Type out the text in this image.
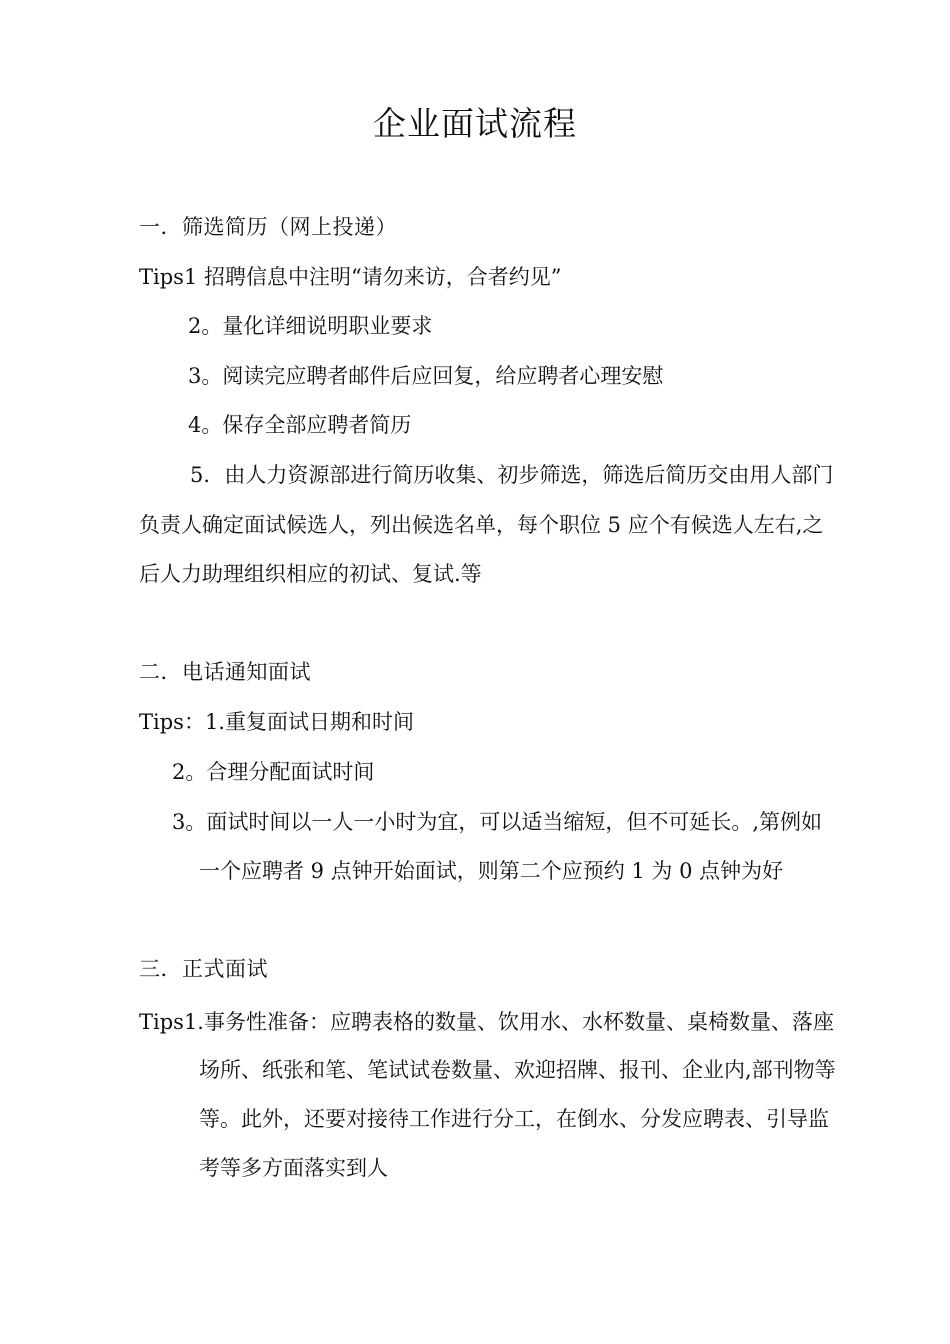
企业面试流程
一．筛选简历（网上投递）
Tips1 招聘信息中注明“请勿来访，合者约见”
2。量化详细说明职业要求
3。阅读完应聘者邮件后应回复，给应聘者心理安慰
4。保存全部应聘者简历
5．由人力资源部进行简历收集、初步筛选，筛选后简历交由用人部门
负责人确定面试候选人，列出候选名单，每个职位 5 应个有候选人左右,之
后人力助理组织相应的初试、复试.等
二．电话通知面试
Tips：1.重复面试日期和时间
2。合理分配面试时间
3。面试时间以一人一小时为宜，可以适当缩短，但不可延长。,第例如
一个应聘者 9 点钟开始面试，则第二个应预约 1 为 0 点钟为好
三．正式面试
Tips1.事务性准备：应聘表格的数量、饮用水、水杯数量、桌椅数量、落座
场所、纸张和笔、笔试试卷数量、欢迎招牌、报刊、企业内,部刊物等
等。此外，还要对接待工作进行分工，在倒水、分发应聘表、引导监
考等多方面落实到人
